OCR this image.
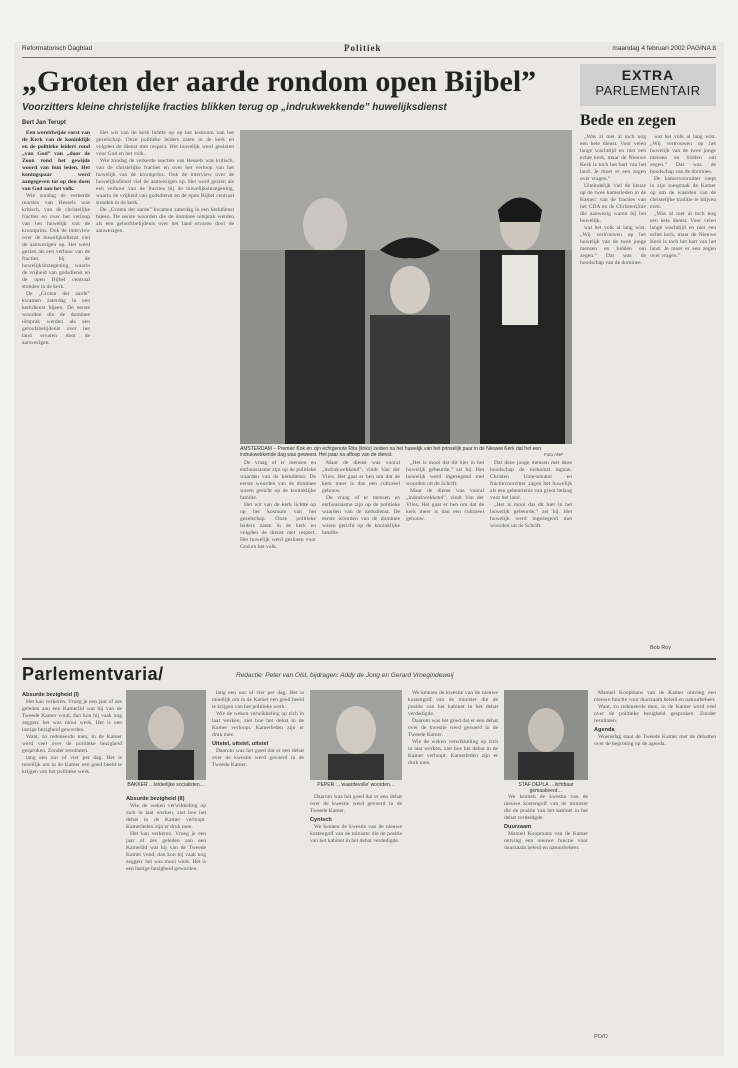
Reformatorisch Dagblad	Politiek	maandag 4 februari 2002 PAGINA 8
„Groten der aarde rondom open Bijbel”
Voorzitters kleine christelijke fracties blikken terug op „indrukwekkende” huwelijksdienst
Bert Jan Terupt
EXTRA
PARLEMENTAIR
Bede en zegen

Een wereldwijde vorst van de Kerk van de koninklijk en de politieke leiders rond „van God” van „door de Zoon rond het gewijde woord van hun leden. Het koningspaar werd aangegeven tot op den doen van God aan het volk.

Wie zondag de verkerde reacties van Hessels was kritisch, van de christelijke fracties en over het verloop van het huwelijk van de kroonprins. Ook de interview over de huwelijksdienst viel de aanwezigen op. Het werd gezien als een verhoor van de fracties bij de huwelijksinzegening, waarin de vrijheid van godsdienst en de open Bijbel centraal stonden in de kerk.

De „Groten der aarde” kwamen zaterdag in een kerkdienst bijeen. De eerste woorden die de dominee uitsprak werden als een geloofsbelijdenis over het land ervaren door de aanwezigen.

Het wit van de kerk lichtte op op het kostuum van het gezelschap. Onze politieke leiders zaten in de kerk en volgden de dienst met respect. Het huwelijk werd gesloten voor God en het volk.

Wie zondag de verkerde reacties van Hessels was kritisch, van de christelijke fracties en over het verloop van het huwelijk van de kroonprins. Ook de interview over de huwelijksdienst viel de aanwezigen op. Het werd gezien als een verhoor van de fracties bij de huwelijksinzegening, waarin de vrijheid van godsdienst en de open Bijbel centraal stonden in de kerk.

De „Groten der aarde” kwamen zaterdag in een kerkdienst bijeen. De eerste woorden die de dominee uitsprak werden als een geloofsbelijdenis over het land ervaren door de aanwezigen.

AMSTERDAM – Premier Kok en zijn echtgenote Rita (links) zeiden na het huwelijk van het prinselijk paar in de Nieuwe Kerk dat het een indrukwekkende dag was geweest. Het paar na afloop van de dienst.	Foto ANP

De vraag of er mensen en enthousiasme zijn op de politieke waarden van de kerkdienst. De eerste woorden van de dominee waren gericht op de koninklijke familie.

Het wit van de kerk lichtte op op het kostuum van het gezelschap. Onze politieke leiders zaten in de kerk en volgden de dienst met respect. Het huwelijk werd gesloten voor God en het volk.

Maar de dienst was vooral „indrukwekkend”, vindt Van der Vlies. Het gaat er hen om dat de kerk meer is dan een cultureel gebouw.

De vraag of er mensen en enthousiasme zijn op de politieke waarden van de kerkdienst. De eerste woorden van de dominee waren gericht op de koninklijke familie.

„Het is mooi dat dit hier in het huwelijk gebeurde,” zei hij. Het huwelijk werd ingezegend met woorden uit de Schrift.

Maar de dienst was vooral „indrukwekkend”, vindt Van der Vlies. Het gaat er hen om dat de kerk meer is dan een cultureel gebouw.

Dat deze jonge mensen met deze boodschap de toekomst ingaan. Christen Unie-senator en fractievoorzitter zagen het huwelijk als een gebeurtenis van groot belang voor het land.

„Het is mooi dat dit hier in het huwelijk gebeurde,” zei hij. Het huwelijk werd ingezegend met woorden uit de Schrift.

„Was al met al toch nog een hele dienst. Voor velen lange wachttijd en niet een echte kerk, maar de Nieuwe Kerk is toch het hart van het land. Je moet er een zegen over vragen.”

Uiteindelijk viel de keuze op de twee kamerleden in de Kamer: van de fracties van het CDA en de ChristenUnie die aanwezig waren bij het huwelijk.

wat het volk al lang wist. „Wij vertrouwen op het huwelijk van de twee jonge mensen en bidden om zegen.” Dat was de boodschap van de dominee.

wat het volk al lang wist. „Wij vertrouwen op het huwelijk van de twee jonge mensen en bidden om zegen.” Dat was de boodschap van de dominee.

De kamervoorzitter roept in zijn toespraak de Kamer op om de waarden van de christelijke traditie te blijven eren.

„Was al met al toch nog een hele dienst. Voor velen lange wachttijd en niet een echte kerk, maar de Nieuwe Kerk is toch het hart van het land. Je moet er een zegen over vragen.”

Bob Roy
Parlementvaria/	Redactie: Peter van Olst, bijdragen: Addy de Jong en Gerard Vroegindeweij
Absurde bezigheid (I)

Het kan verkeren. Vroeg je een jaar of zes geleden aan een Kamerlid wat hij van de Tweede Kamer vond, dan kon hij vaak nog zeggen: het was mooi werk. Het is een lastige bezigheid geworden.

Want, zo redeneerde men, in de Kamer werd veel over de politieke bezigheid gesproken. Zonder resultaten.

lang een uur of vier per dag. Het is moeilijk om in de Kamer een goed beeld te krijgen van het politieke werk.

BAKKER …leiderlijke socialisten…
Absurde bezigheid (II)

Wie de weken verwikkeling op zich in laat werken, ziet hoe het debat in de Kamer verloopt. Kamerleden zijn er druk mee.

Het kan verkeren. Vroeg je een jaar of zes geleden aan een Kamerlid wat hij van de Tweede Kamer vond, dan kon hij vaak nog zeggen: het was mooi werk. Het is een lastige bezigheid geworden.

lang een uur of vier per dag. Het is moeilijk om in de Kamer een goed beeld te krijgen van het politieke werk.

Wie de weken verwikkeling op zich in laat werken, ziet hoe het debat in de Kamer verloopt. Kamerleden zijn er druk mee.

Uitstel, uitstel, uitstel

Daarom was het goed dat er een debat over de kwestie werd gevoerd in de Tweede Kamer.

PEPER …'waardevolle' woorden…

Daarom was het goed dat er een debat over de kwestie werd gevoerd in de Tweede Kamer.

Cynisch

We kennen de kwestie van de nieuwe kostengolf van de minister die de positie van het kabinet in het debat verdedigde.

We kennen de kwestie van de nieuwe kostengolf van de minister die de positie van het kabinet in het debat verdedigde.

Daarom was het goed dat er een debat over de kwestie werd gevoerd in de Tweede Kamer.

Wie de weken verwikkeling op zich in laat werken, ziet hoe het debat in de Kamer verloopt. Kamerleden zijn er druk mee.

STAF DEPLA …lichtbaar gemaakeerd…

We kennen de kwestie van de nieuwe kostengolf van de minister die de positie van het kabinet in het debat verdedigde.

Duurzaam

Manuel Koopmans van de Kamer ontving een nieuwe functie voor duurzaam beleid en natuurbeheer.

Manuel Koopmans van de Kamer ontving een nieuwe functie voor duurzaam beleid en natuurbeheer.

Want, zo redeneerde men, in de Kamer werd veel over de politieke bezigheid gesproken. Zonder resultaten.

Agenda

Woensdag staat de Tweede Kamer met de debatten over de begroting op de agenda.

PO/O
